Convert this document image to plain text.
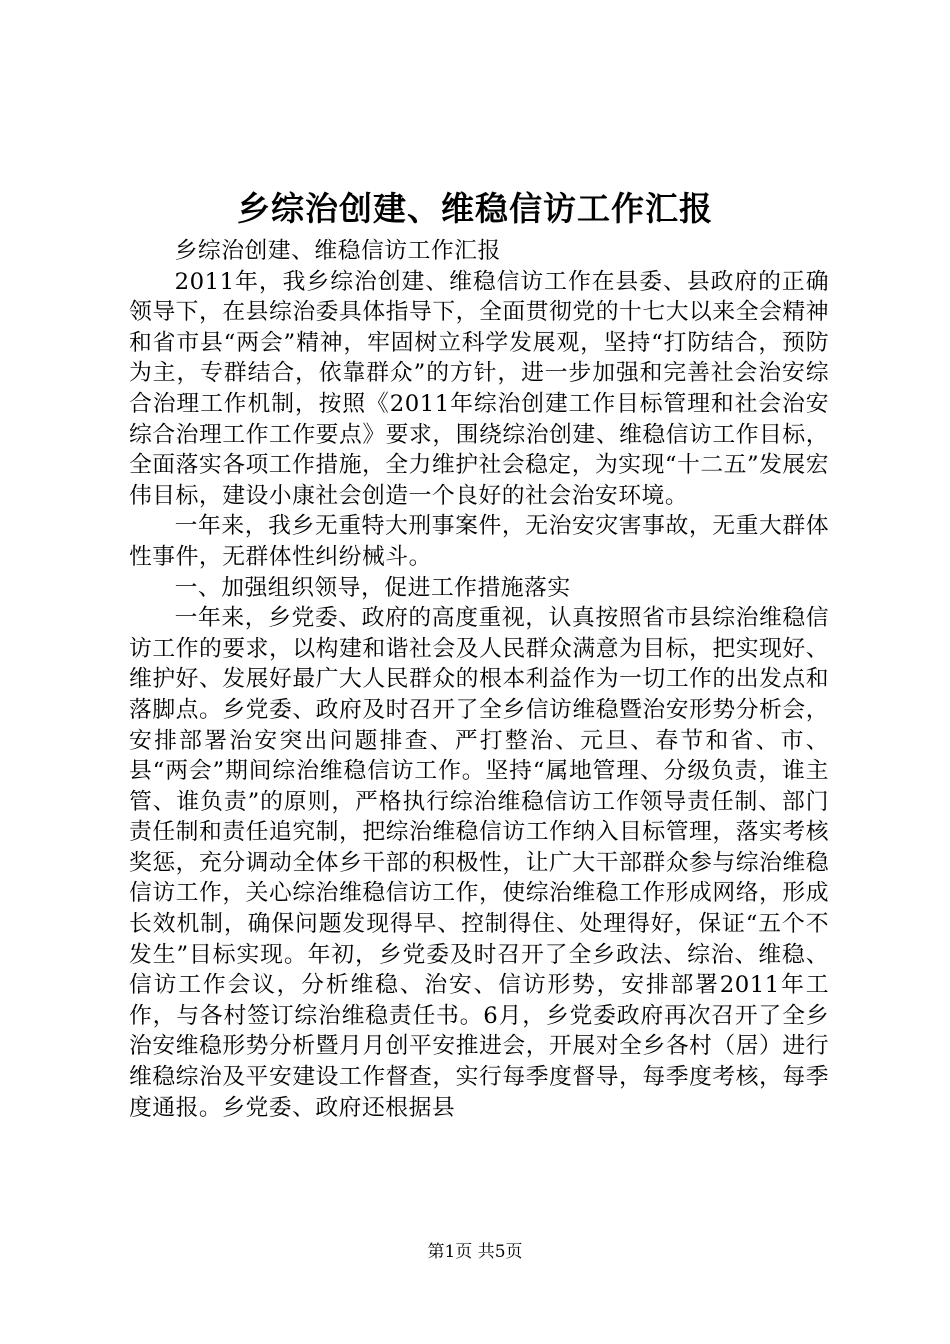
乡综治创建、维稳信访工作汇报

乡综治创建、维稳信访工作汇报

2011年，我乡综治创建、维稳信访工作在县委、县政府的正确领导下，在县综治委具体指导下，全面贯彻党的十七大以来全会精神和省市县“两会”精神，牢固树立科学发展观，坚持“打防结合，预防为主，专群结合，依靠群众”的方针，进一步加强和完善社会治安综合治理工作机制，按照《2011年综治创建工作目标管理和社会治安综合治理工作工作要点》要求，围绕综治创建、维稳信访工作目标，全面落实各项工作措施，全力维护社会稳定，为实现“十二五”发展宏伟目标，建设小康社会创造一个良好的社会治安环境。

一年来，我乡无重特大刑事案件，无治安灾害事故，无重大群体性事件，无群体性纠纷械斗。

一、加强组织领导，促进工作措施落实

一年来，乡党委、政府的高度重视，认真按照省市县综治维稳信访工作的要求，以构建和谐社会及人民群众满意为目标，把实现好、维护好、发展好最广大人民群众的根本利益作为一切工作的出发点和落脚点。乡党委、政府及时召开了全乡信访维稳暨治安形势分析会，安排部署治安突出问题排查、严打整治、元旦、春节和省、市、县“两会”期间综治维稳信访工作。坚持“属地管理、分级负责，谁主管、谁负责”的原则，严格执行综治维稳信访工作领导责任制、部门责任制和责任追究制，把综治维稳信访工作纳入目标管理，落实考核奖惩，充分调动全体乡干部的积极性，让广大干部群众参与综治维稳信访工作，关心综治维稳信访工作，使综治维稳工作形成网络，形成长效机制，确保问题发现得早、控制得住、处理得好，保证“五个不发生”目标实现。年初，乡党委及时召开了全乡政法、综治、维稳、信访工作会议，分析维稳、治安、信访形势，安排部署2011年工作，与各村签订综治维稳责任书。6月，乡党委政府再次召开了全乡治安维稳形势分析暨月月创平安推进会，开展对全乡各村（居）进行维稳综治及平安建设工作督查，实行每季度督导，每季度考核，每季度通报。乡党委、政府还根据县

第1页 共5页
